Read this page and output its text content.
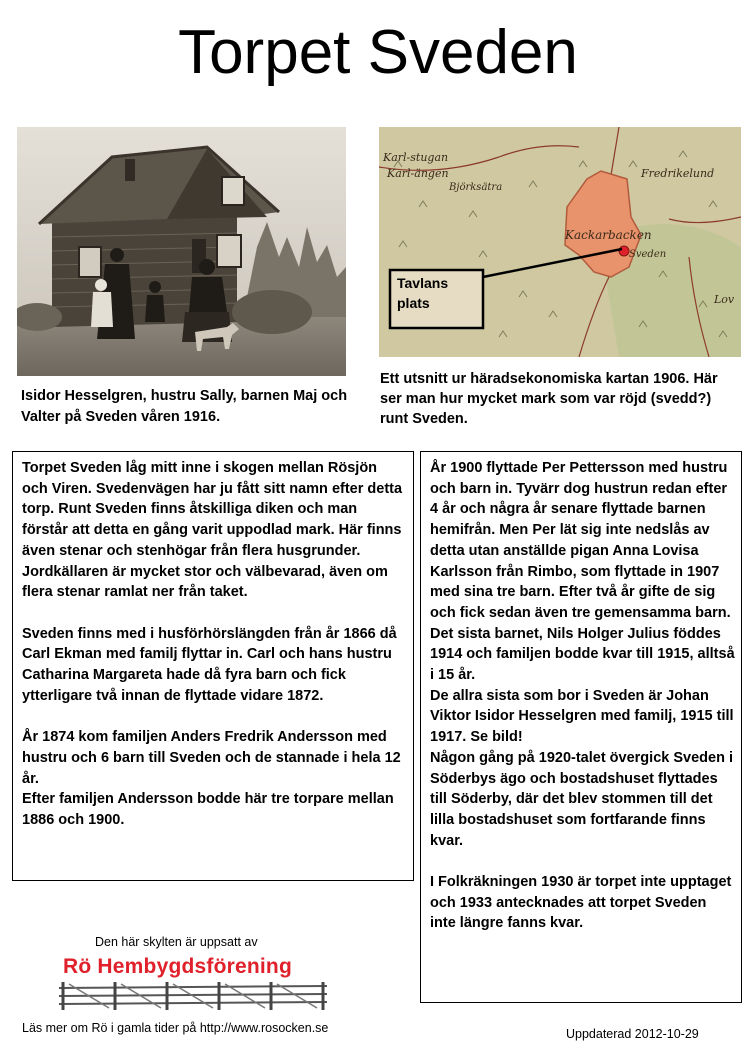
Torpet Sveden
Karl-stugan
Karl-ängen
Björksätra
Fredrikelund
Kackarbacken
Sveden
Lov
Tavlans plats
Isidor Hesselgren, hustru Sally, barnen Maj och Valter på Sveden våren 1916.
Ett utsnitt ur häradsekonomiska kartan 1906. Här ser man hur mycket mark som var röjd (svedd?) runt Sveden.

Torpet Sveden låg mitt inne i skogen mellan Rösjön och Viren. Svedenvägen har ju fått sitt namn efter detta torp. Runt Sveden finns åtskilliga diken och man förstår att detta en gång varit uppodlad mark. Här finns även stenar och stenhögar från flera husgrunder. Jordkällaren är mycket stor och välbevarad, även om flera stenar ramlat ner från taket.

Sveden finns med i husförhörslängden från år 1866 då Carl Ekman med familj flyttar in. Carl och hans hustru Catharina Margareta hade då fyra barn och fick ytterligare två innan de flyttade vidare 1872.

År 1874 kom familjen Anders Fredrik Andersson med hustru och 6 barn till Sveden och de stannade i hela 12 år.

Efter familjen Andersson bodde här tre torpare mellan 1886 och 1900.

År 1900 flyttade Per Pettersson med hustru och barn in. Tyvärr dog hustrun redan efter 4 år och några år senare flyttade barnen hemifrån. Men Per lät sig inte nedslås av detta utan anställde pigan Anna Lovisa Karlsson från Rimbo, som flyttade in 1907 med sina tre barn. Efter två år gifte de sig och fick sedan även tre gemensamma barn. Det sista barnet, Nils Holger Julius föddes 1914 och familjen bodde kvar till 1915, alltså i 15 år.

De allra sista som bor i Sveden är Johan Viktor Isidor Hesselgren med familj, 1915 till 1917. Se bild!

Någon gång på 1920-talet övergick Sveden i Söderbys ägo och bostadshuset flyttades till Söderby, där det blev stommen till det lilla bostadshuset som fortfarande finns kvar.

I Folkräkningen 1930 är torpet inte upptaget och 1933 antecknades att torpet Sveden inte längre fanns kvar.

Den här skylten är uppsatt av
Rö Hembygdsförening
Läs mer om Rö i gamla tider på http://www.rosocken.se	Uppdaterad 2012-10-29
